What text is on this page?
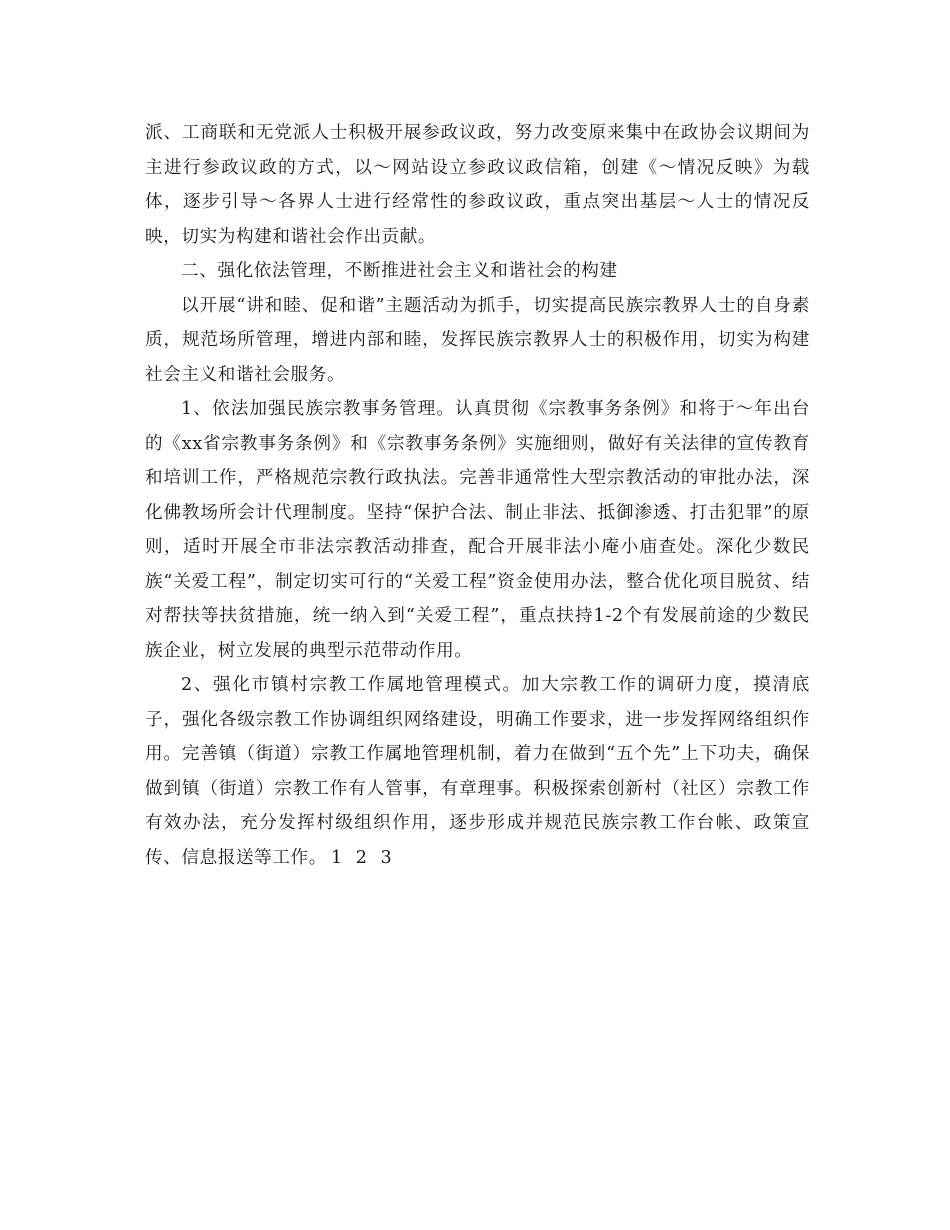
派、工商联和无党派人士积极开展参政议政，努力改变原来集中在政协会议期间为主进行参政议政的方式，以～网站设立参政议政信箱，创建《～情况反映》为载体，逐步引导～各界人士进行经常性的参政议政，重点突出基层～人士的情况反映，切实为构建和谐社会作出贡献。

二、强化依法管理，不断推进社会主义和谐社会的构建

以开展“讲和睦、促和谐”主题活动为抓手，切实提高民族宗教界人士的自身素质，规范场所管理，增进内部和睦，发挥民族宗教界人士的积极作用，切实为构建社会主义和谐社会服务。

1、依法加强民族宗教事务管理。认真贯彻《宗教事务条例》和将于～年出台的《xx省宗教事务条例》和《宗教事务条例》实施细则，做好有关法律的宣传教育和培训工作，严格规范宗教行政执法。完善非通常性大型宗教活动的审批办法，深化佛教场所会计代理制度。坚持“保护合法、制止非法、抵御渗透、打击犯罪”的原则，适时开展全市非法宗教活动排查，配合开展非法小庵小庙查处。深化少数民族“关爱工程”，制定切实可行的“关爱工程”资金使用办法，整合优化项目脱贫、结对帮扶等扶贫措施，统一纳入到“关爱工程”，重点扶持1-2个有发展前途的少数民族企业，树立发展的典型示范带动作用。

2、强化市镇村宗教工作属地管理模式。加大宗教工作的调研力度，摸清底子，强化各级宗教工作协调组织网络建设，明确工作要求，进一步发挥网络组织作用。完善镇（街道）宗教工作属地管理机制，着力在做到“五个先”上下功夫，确保做到镇（街道）宗教工作有人管事，有章理事。积极探索创新村（社区）宗教工作有效办法，充分发挥村级组织作用，逐步形成并规范民族宗教工作台帐、政策宣传、信息报送等工作。 1 2 3
